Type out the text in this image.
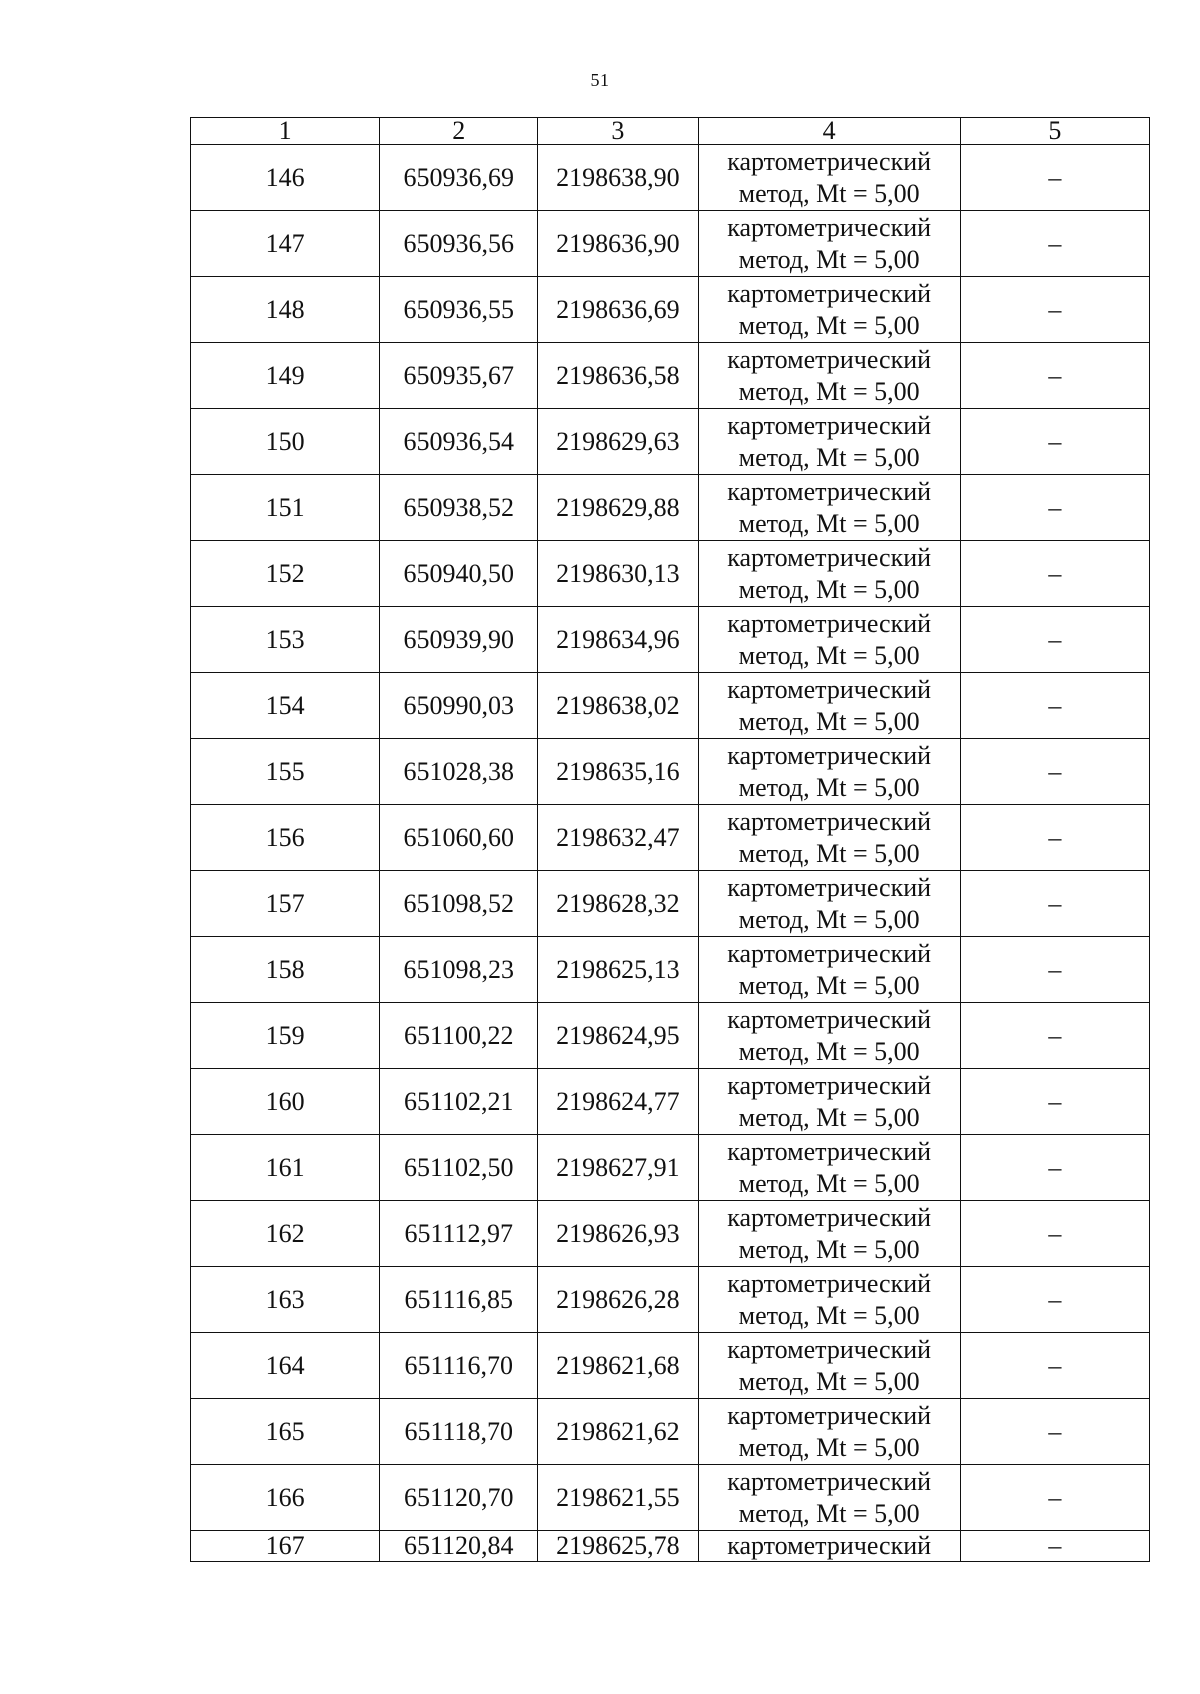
51
1	2	3	4	5
146	650936,69	2198638,90	картометрический
метод, Mt = 5,00	–
147	650936,56	2198636,90	картометрический
метод, Mt = 5,00	–
148	650936,55	2198636,69	картометрический
метод, Mt = 5,00	–
149	650935,67	2198636,58	картометрический
метод, Mt = 5,00	–
150	650936,54	2198629,63	картометрический
метод, Mt = 5,00	–
151	650938,52	2198629,88	картометрический
метод, Mt = 5,00	–
152	650940,50	2198630,13	картометрический
метод, Mt = 5,00	–
153	650939,90	2198634,96	картометрический
метод, Mt = 5,00	–
154	650990,03	2198638,02	картометрический
метод, Mt = 5,00	–
155	651028,38	2198635,16	картометрический
метод, Mt = 5,00	–
156	651060,60	2198632,47	картометрический
метод, Mt = 5,00	–
157	651098,52	2198628,32	картометрический
метод, Mt = 5,00	–
158	651098,23	2198625,13	картометрический
метод, Mt = 5,00	–
159	651100,22	2198624,95	картометрический
метод, Mt = 5,00	–
160	651102,21	2198624,77	картометрический
метод, Mt = 5,00	–
161	651102,50	2198627,91	картометрический
метод, Mt = 5,00	–
162	651112,97	2198626,93	картометрический
метод, Mt = 5,00	–
163	651116,85	2198626,28	картометрический
метод, Mt = 5,00	–
164	651116,70	2198621,68	картометрический
метод, Mt = 5,00	–
165	651118,70	2198621,62	картометрический
метод, Mt = 5,00	–
166	651120,70	2198621,55	картометрический
метод, Mt = 5,00	–
167	651120,84	2198625,78	картометрический	–
